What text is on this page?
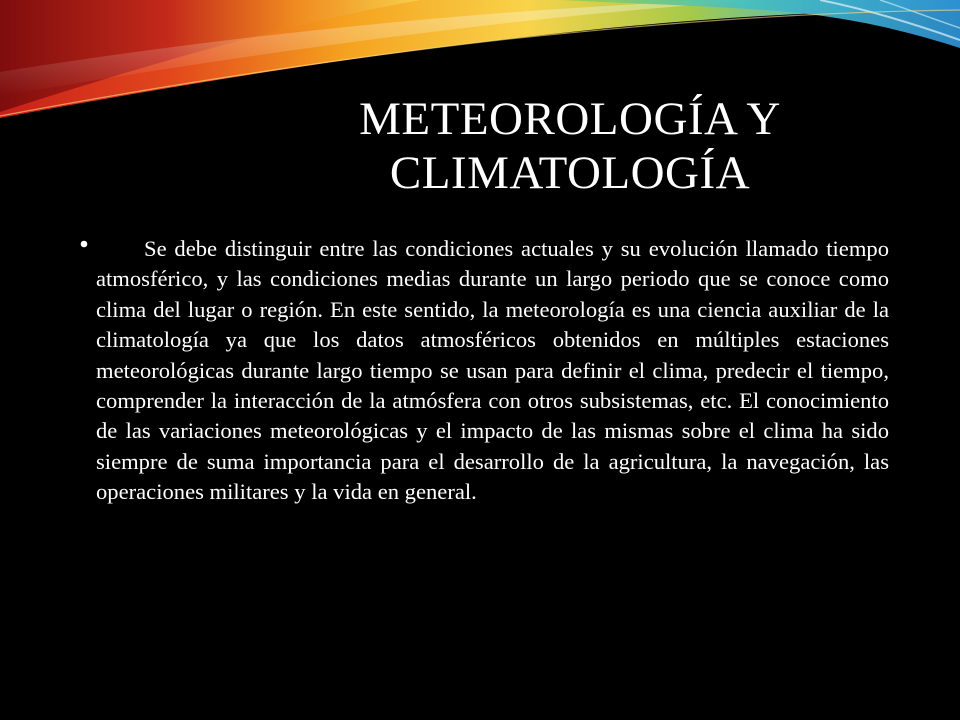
METEOROLOGÍA Y
CLIMATOLOGÍA

Se debe distinguir entre las condiciones actuales y su evolución llamado tiempo atmosférico, y las condiciones medias durante un largo periodo que se conoce como clima del lugar o región. En este sentido, la meteorología es una ciencia auxiliar de la climatología ya que los datos atmosféricos obtenidos en múltiples estaciones meteorológicas durante largo tiempo se usan para definir el clima, predecir el tiempo, comprender la interacción de la atmósfera con otros subsistemas, etc. El conocimiento de las variaciones meteorológicas y el impacto de las mismas sobre el clima ha sido siempre de suma importancia para el desarrollo de la agricultura, la navegación, las operaciones militares y la vida en general.
